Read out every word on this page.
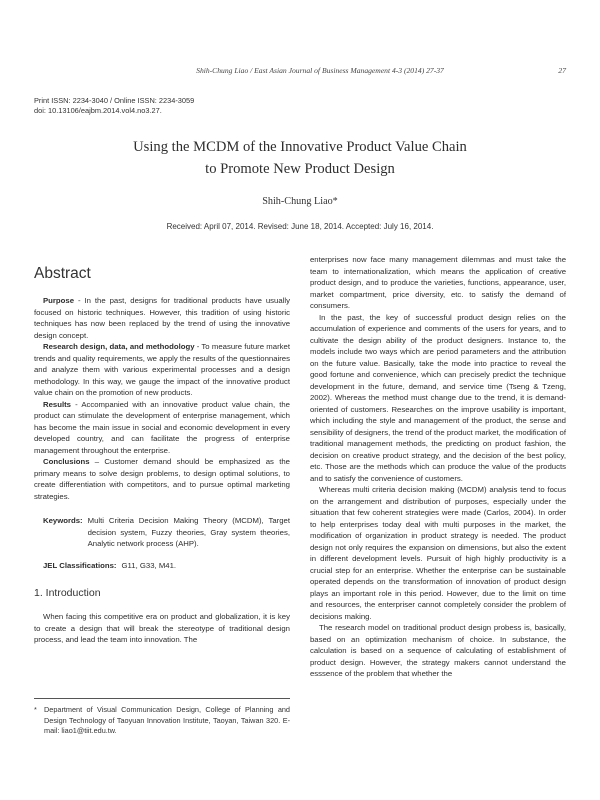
Shih-Chung Liao / East Asian Journal of Business Management 4-3 (2014) 27-37	27
Print ISSN: 2234-3040 / Online ISSN: 2234-3059
doi: 10.13106/eajbm.2014.vol4.no3.27.
Using the MCDM of the Innovative Product Value Chain
to Promote New Product Design
Shih-Chung Liao*
Received: April 07, 2014. Revised: June 18, 2014. Accepted: July 16, 2014.
Abstract

Purpose - In the past, designs for traditional products have usually focused on historic techniques. However, this tradition of using historic techniques has now been replaced by the trend of using the innovative design concept.

Research design, data, and methodology - To measure future market trends and quality requirements, we apply the results of the questionnaires and analyze them with various experimental processes and a design methodology. In this way, we gauge the impact of the innovative product value chain on the promotion of new products.

Results - Accompanied with an innovative product value chain, the product can stimulate the development of enterprise management, which has become the main issue in social and economic development in every developed country, and can facilitate the progress of enterprise management throughout the enterprise.

Conclusions – Customer demand should be emphasized as the primary means to solve design problems, to design optimal solutions, to create differentiation with competitors, and to pursue optimal marketing strategies.

Keywords: Multi Criteria Decision Making Theory (MCDM), Target decision system, Fuzzy theories, Gray system theories, Analytic network process (AHP).
JEL Classifications: G11, G33, M41.
1. Introduction

When facing this competitive era on product and globalization, it is key to create a design that will break the stereotype of traditional design process, and lead the team into innovation. The

enterprises now face many management dilemmas and must take the team to internationalization, which means the application of creative product design, and to produce the varieties, functions, appearance, user, market compartment, price diversity, etc. to satisfy the demand of consumers.

In the past, the key of successful product design relies on the accumulation of experience and comments of the users for years, and to cultivate the design ability of the product designers. Instance to, the models include two ways which are period parameters and the attribution on the future value. Basically, take the mode into practice to reveal the good fortune and convenience, which can precisely predict the technique development in the future, demand, and service time (Tseng & Tzeng, 2002). Whereas the method must change due to the trend, it is demand-oriented of customers. Researches on the improve usability is important, which including the style and management of the product, the sense and sensibility of designers, the trend of the product market, the modification of traditional management methods, the predicting on product fashion, the decision on creative product strategy, and the decision of the best policy, etc. Those are the methods which can produce the value of the products and to satisfy the convenience of customers.

Whereas multi criteria decision making (MCDM) analysis tend to focus on the arrangement and distribution of purposes, especially under the situation that few coherent strategies were made (Carlos, 2004). In order to help enterprises today deal with multi purposes in the market, the modification of organization in product strategy is needed. The product design not only requires the expansion on dimensions, but also the extent in different development levels. Pursuit of high highly productivity is a crucial step for an enterprise. Whether the enterprise can be sustainable operated depends on the transformation of innovation of product design plays an important role in this period. However, due to the limit on time and resources, the enterpriser cannot completely consider the problem of decisions making.

The research model on traditional product design probess is, basically, based on an optimization mechanism of choice. In substance, the calculation is based on a sequence of calculating of establishment of product design. However, the strategy makers cannot understand the esssence of the problem that whether the

* Department of Visual Communication Design, College of Planning and Design Technology of Taoyuan Innovation Institute, Taoyan, Taiwan 320. E-mail: liao1@tiit.edu.tw.
